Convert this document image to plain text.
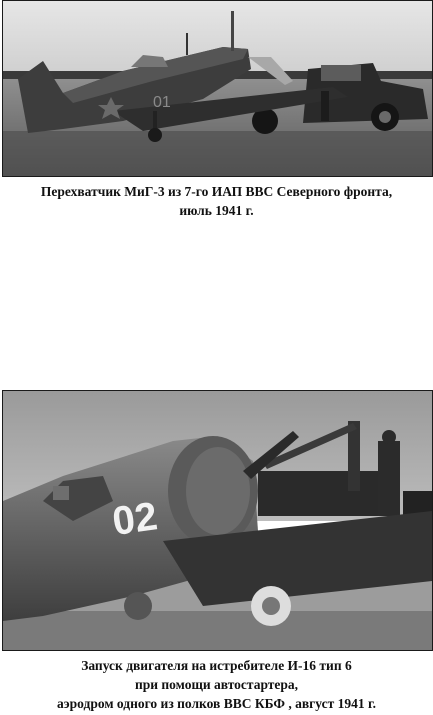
01
Перехватчик МиГ-3 из 7-го ИАП ВВС Северного фронта,
июль 1941 г.
02
Запуск двигателя на истребителе И-16 тип 6
при помощи автостартера,
аэродром одного из полков ВВС КБФ , август 1941 г.
